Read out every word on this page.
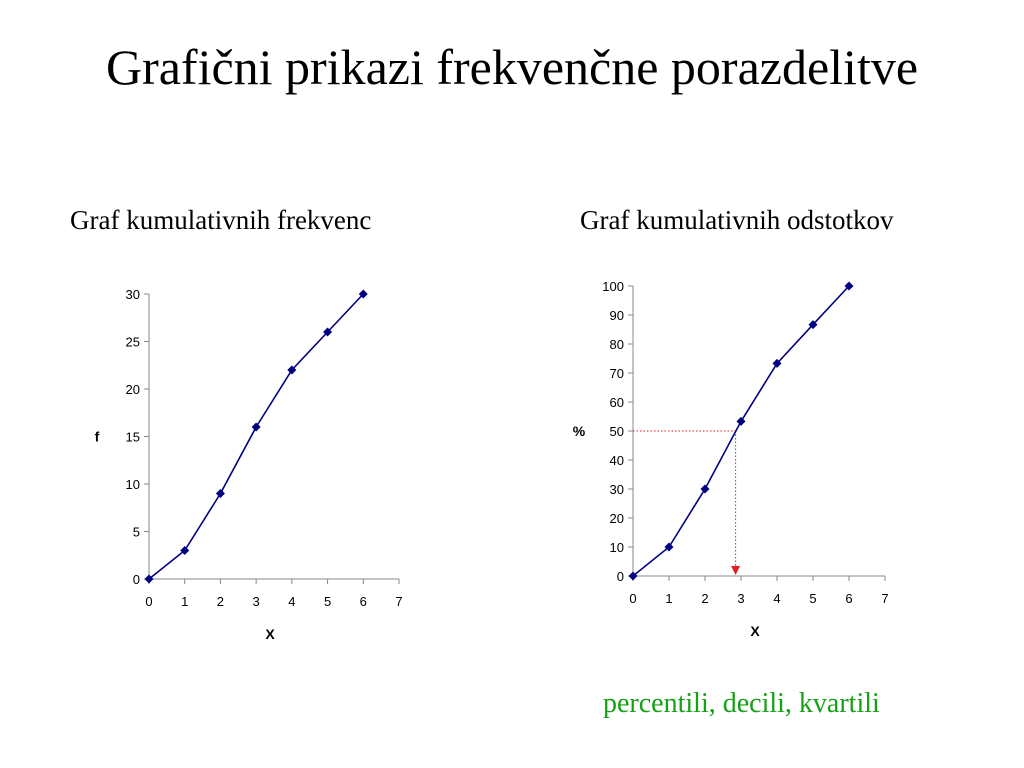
Grafični prikazi frekvenčne porazdelitve
Graf kumulativnih frekvenc	Graf kumulativnih odstotkov
0
5
10
15
20
25
30
0 1 2 3 4 5 6 7
X
f
0
10
20
30
40
50
60
70
80
90
100
0 1 2 3 4 5 6 7
X
%
percentili, decili, kvartili
